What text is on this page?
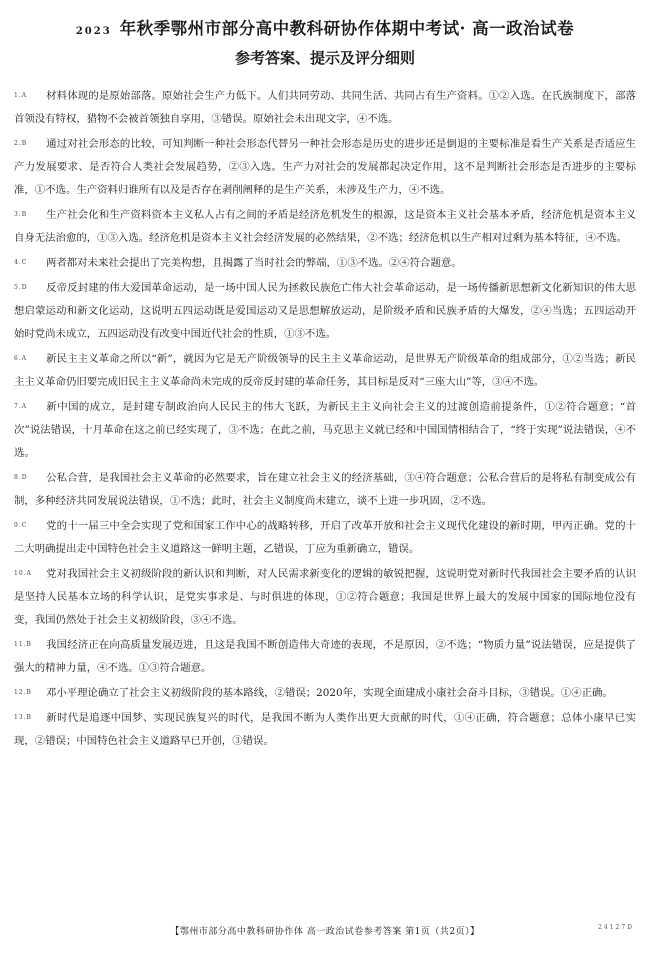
2023 年秋季鄂州市部分高中教科研协作体期中考试· 高一政治试卷
参考答案、提示及评分细则
1.A 材料体现的是原始部落。原始社会生产力低下。人们共同劳动、共同生活、共同占有生产资料。①②入选。在氏族制度下，部落首领没有特权，猎物不会被首领独自享用，③错误。原始社会未出现文字，④不选。
2.B 通过对社会形态的比较，可知判断一种社会形态代替另一种社会形态是历史的进步还是倒退的主要标准是看生产关系是否适应生产力发展要求、是否符合人类社会发展趋势，②③入选。生产力对社会的发展都起决定作用，这不是判断社会形态是否进步的主要标准，①不选。生产资料归谁所有以及是否存在剥削阐释的是生产关系，未涉及生产力，④不选。
3.B 生产社会化和生产资料资本主义私人占有之间的矛盾是经济危机发生的根源，这是资本主义社会基本矛盾，经济危机是资本主义自身无法治愈的，①③入选。经济危机是资本主义社会经济发展的必然结果，②不选；经济危机以生产相对过剩为基本特征，④不选。
4.C 两者都对未来社会提出了完美构想，且揭露了当时社会的弊端，①③不选。②④符合题意。
5.D 反帝反封建的伟大爱国革命运动，是一场中国人民为拯救民族危亡伟大社会革命运动，是一场传播新思想新文化新知识的伟大思想启蒙运动和新文化运动，这说明五四运动既是爱国运动又是思想解放运动，是阶级矛盾和民族矛盾的大爆发，②④当选；五四运动开始时党尚未成立，五四运动没有改变中国近代社会的性质，①③不选。
6.A 新民主主义革命之所以“新”，就因为它是无产阶级领导的民主主义革命运动，是世界无产阶级革命的组成部分，①②当选；新民主主义革命仍旧要完成旧民主主义革命尚未完成的反帝反封建的革命任务，其目标是反对“三座大山”等，③④不选。
7.A 新中国的成立，是封建专制政治向人民民主的伟大飞跃，为新民主主义向社会主义的过渡创造前提条件，①②符合题意；“首次”说法错误，十月革命在这之前已经实现了，③不选；在此之前，马克思主义就已经和中国国情相结合了，“终于实现”说法错误，④不选。
8.D 公私合营，是我国社会主义革命的必然要求，旨在建立社会主义的经济基础，③④符合题意；公私合营后的是将私有制变成公有制，多种经济共同发展说法错误，①不选；此时，社会主义制度尚未建立，谈不上进一步巩固，②不选。
9.C 党的十一届三中全会实现了党和国家工作中心的战略转移，开启了改革开放和社会主义现代化建设的新时期，甲丙正确。党的十二大明确提出走中国特色社会主义道路这一鲜明主题，乙错误，丁应为重新确立，错误。
10.A 党对我国社会主义初级阶段的新认识和判断，对人民需求新变化的逻辑的敏锐把握，这说明党对新时代我国社会主要矛盾的认识是坚持人民基本立场的科学认识，是党实事求是、与时俱进的体现，①②符合题意；我国是世界上最大的发展中国家的国际地位没有变，我国仍然处于社会主义初级阶段，③④不选。
11.B 我国经济正在向高质量发展迈进，且这是我国不断创造伟大奇迹的表现，不是原因，②不选；“物质力量”说法错误，应是提供了强大的精神力量，④不选。①③符合题意。
12.B 邓小平理论确立了社会主义初级阶段的基本路线，②错误；2020年，实现全面建成小康社会奋斗目标，③错误。①④正确。
13.B 新时代是追逐中国梦、实现民族复兴的时代，是我国不断为人类作出更大贡献的时代，①④正确，符合题意；总体小康早已实现，②错误；中国特色社会主义道路早已开创，③错误。
【鄂州市部分高中教科研协作体 高一政治试卷参考答案 第1页（共2页）】	24127D
